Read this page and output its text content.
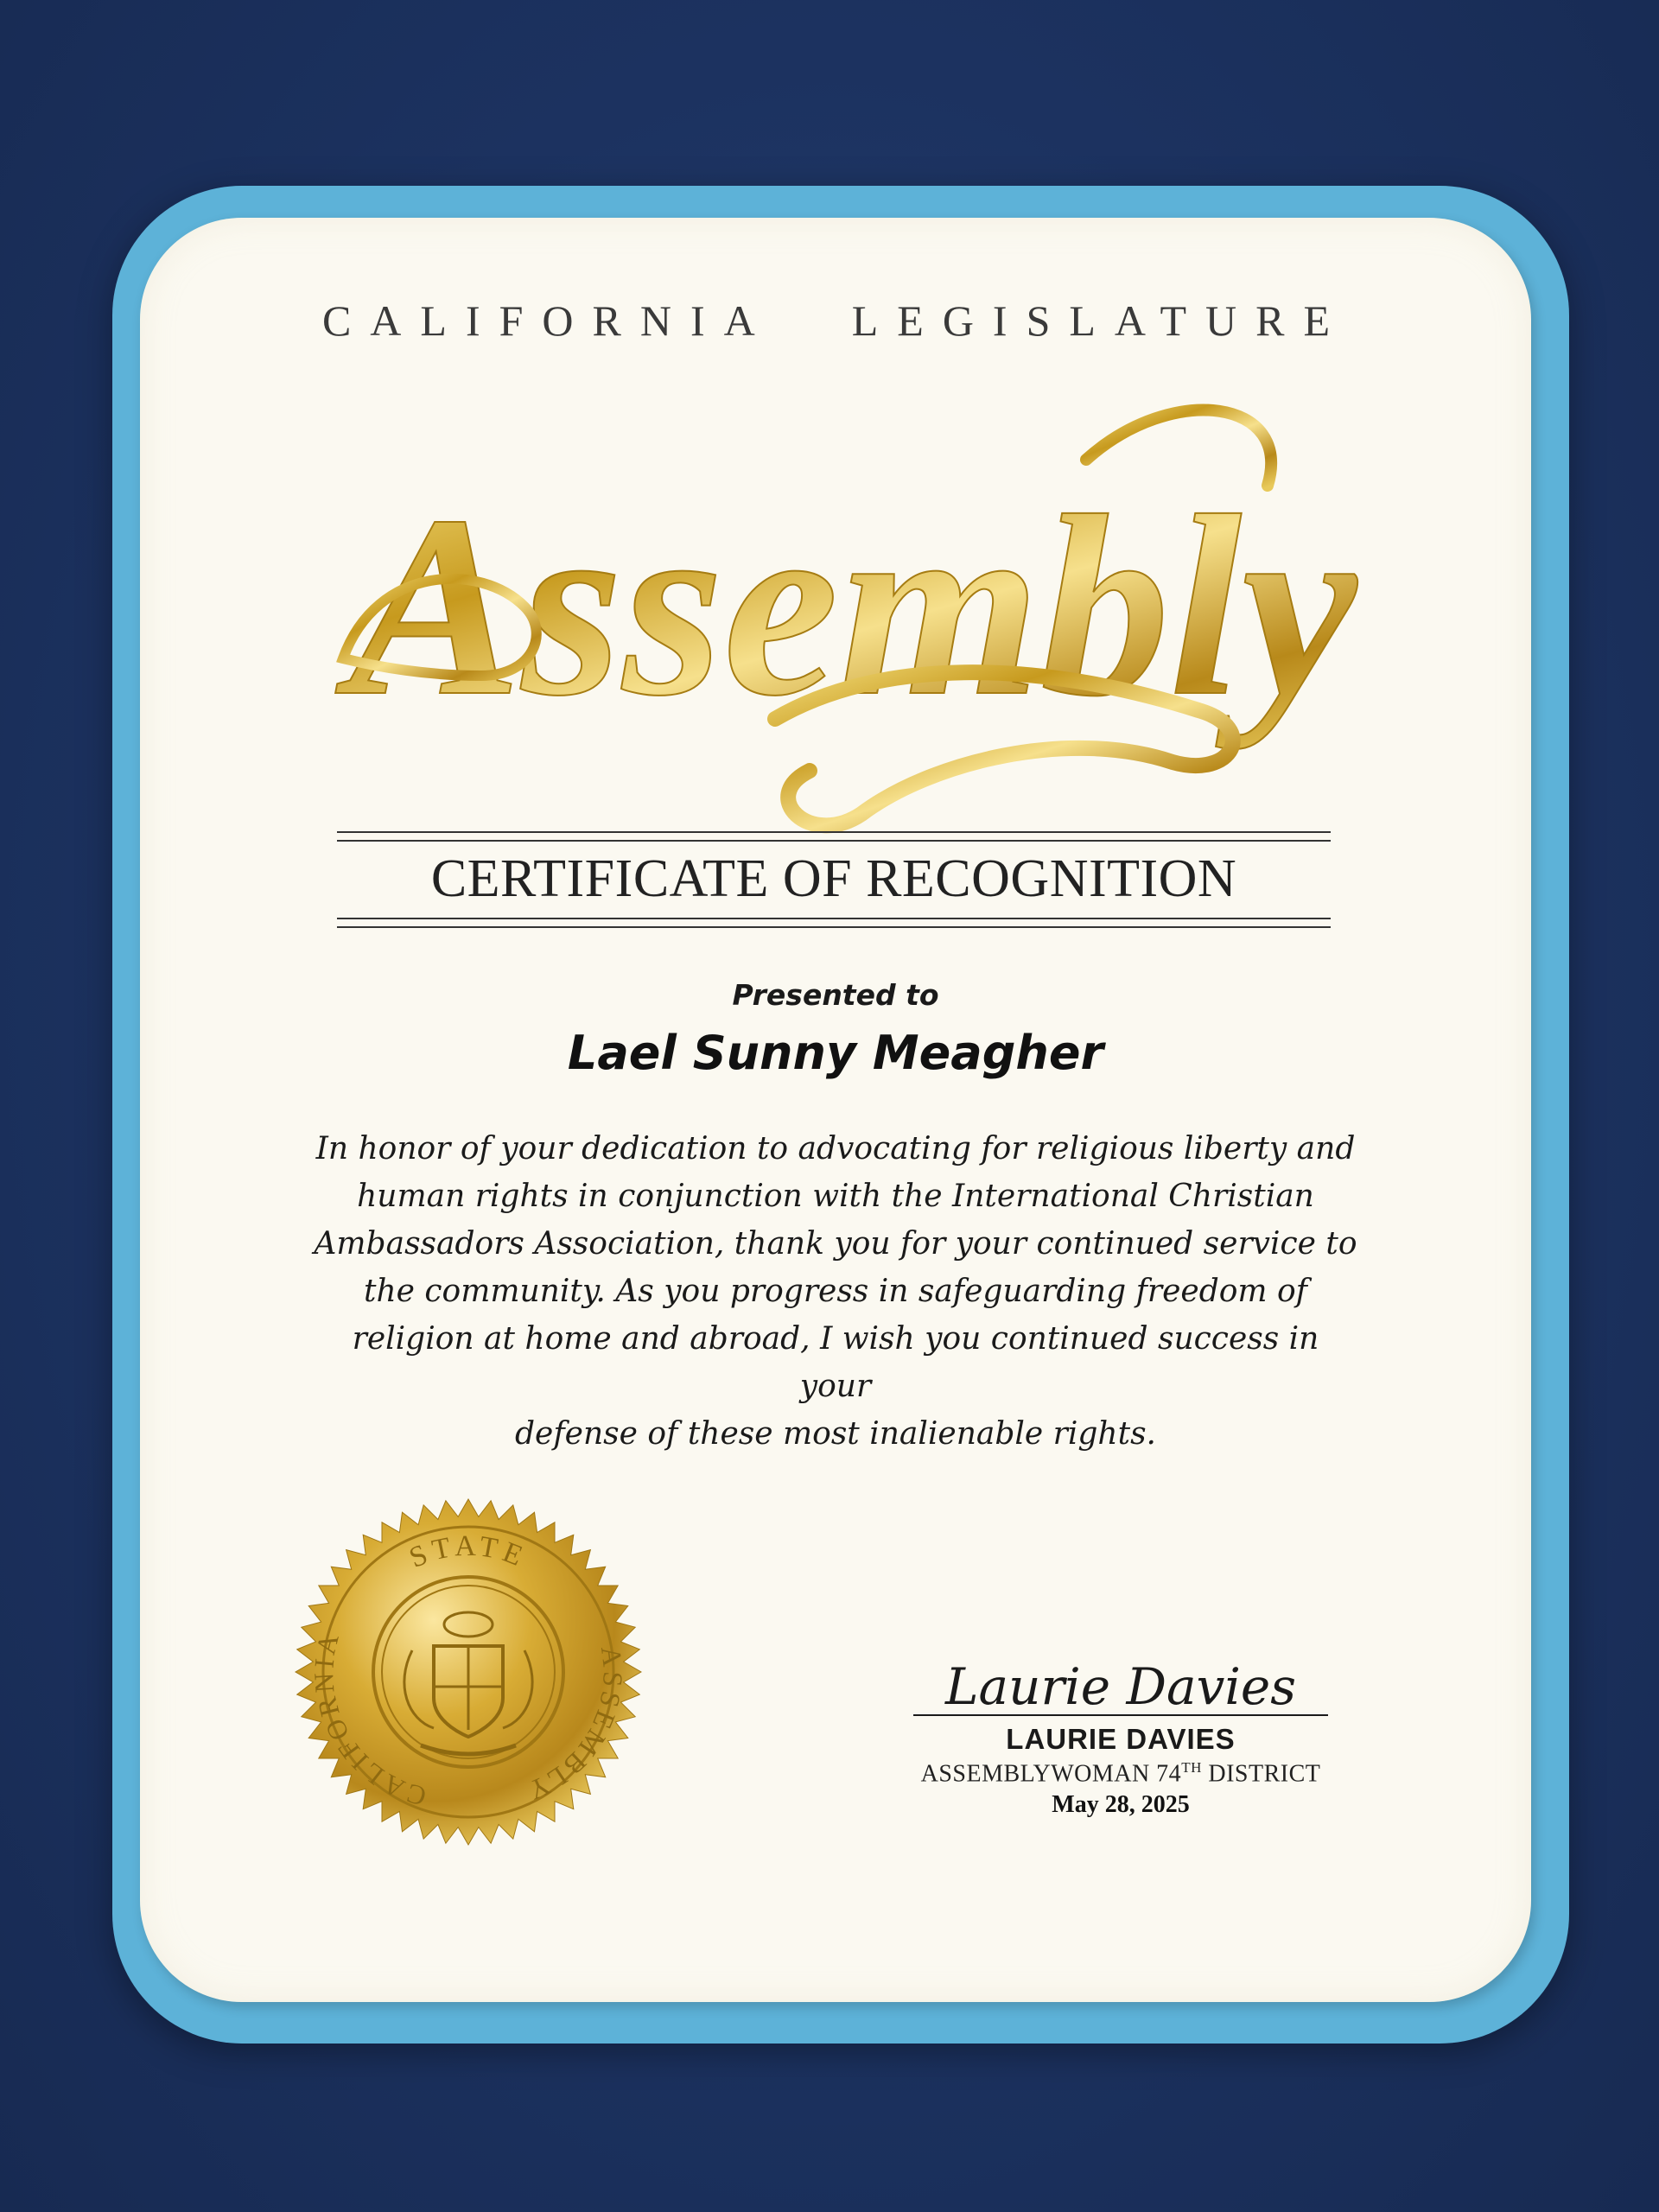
CALIFORNIA LEGISLATURE
Assembly
CERTIFICATE OF RECOGNITION
Presented to
Lael Sunny Meagher
In honor of your dedication to advocating for religious liberty and
human rights in conjunction with the International Christian
Ambassadors Association, thank you for your continued service to
the community. As you progress in safeguarding freedom of
religion at home and abroad, I wish you continued success in your
defense of these most inalienable rights.
STATE
CALIFORNIA
ASSEMBLY
Laurie Davies
LAURIE DAVIES
ASSEMBLYWOMAN 74TH DISTRICT
May 28, 2025
